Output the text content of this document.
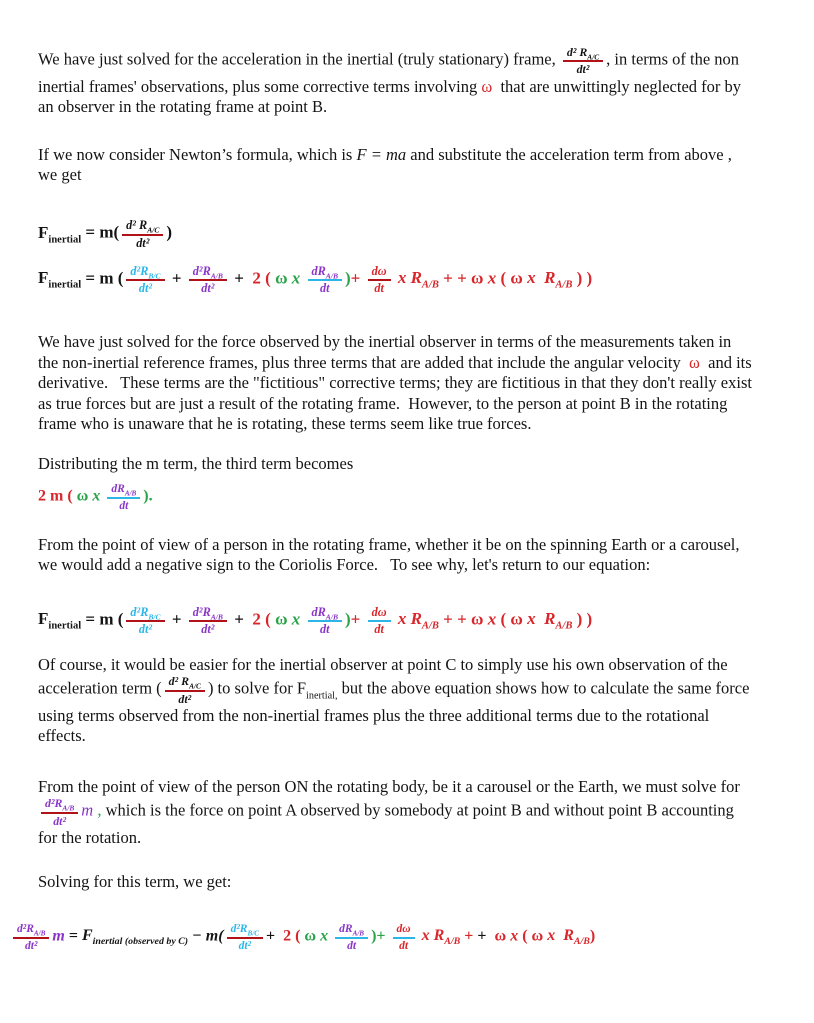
We have just solved for the acceleration in the inertial (truly stationary) frame, $\frac{d^2 R_{A/C}}{\text{dt²}}$ , in terms of the non inertial frames' observations, plus some corrective terms involving ω  that are unwittingly neglected for by an observer in the rotating frame at point B.

If we now consider Newton’s formula, which is F = ma and substitute the acceleration term from above , we get

$F_{inertial} = m( \frac{d^2 R_{A/C}}{\text{dt²}}$ )
$F_{inertial} = m$ ( $\frac{d^2R_{B/C}}{\text{dt²}} + \frac{d^2R_{A/B}}{\text{dt²}} + 2$ ( ω x $\frac{dR_{A/B}}{dt}$ )+ $\frac{d\omega}{dt}$ x $R_{A/B}$ + + ω x ( ω x  $R_{A/B}$ ) )

We have just solved for the force observed by the inertial observer in terms of the measurements taken in the non-inertial reference frames, plus three terms that are added that include the angular velocity  ω  and its derivative.   These terms are the "fictitious" corrective terms; they are fictitious in that they don't really exist as true forces but are just a result of the rotating frame.  However, to the person at point B in the rotating frame who is unaware that he is rotating, these terms seem like true forces.

Distributing the m term, the third term becomes

2 m ( ω x $\frac{dR_{A/B}}{dt}$ ).

From the point of view of a person in the rotating frame, whether it be on the spinning Earth or a carousel, we would add a negative sign to the Coriolis Force.   To see why, let's return to our equation:

$F_{inertial} = m$ ( $\frac{d^2R_{B/C}}{\text{dt²}} + \frac{d^2R_{A/B}}{\text{dt²}} + 2$ ( ω x $\frac{dR_{A/B}}{dt}$ )+ $\frac{d\omega}{dt}$ x $R_{A/B}$ + + ω x ( ω x  $R_{A/B}$ ) )

Of course, it would be easier for the inertial observer at point C to simply use his own observation of the acceleration term ( $\frac{d^2 R_{A/C}}{\text{dt²}}$ ) to solve for $F_{inertial,}$ but the above equation shows how to calculate the same force using terms observed from the non-inertial frames plus the three additional terms due to the rotational effects.

From the point of view of the person ON the rotating body, be it a carousel or the Earth, we must solve for
$\frac{d^2R_{A/B}}{\text{dt²}}$ m , which is the force on point A observed by somebody at point B and without point B accounting for the rotation.

Solving for this term, we get:

$\frac{d^2R_{A/B}}{\text{dt²}}$ $m = F_{inertial (observed by C)} - m( \frac{d^2R_{B/C}}{\text{dt²}} + 2$ ( ω x $\frac{dR_{A/B}}{dt}$ )+ $\frac{d\omega}{dt}$ x $R_{A/B}$ + +  ω x ( ω x  $R_{A/B}$)
